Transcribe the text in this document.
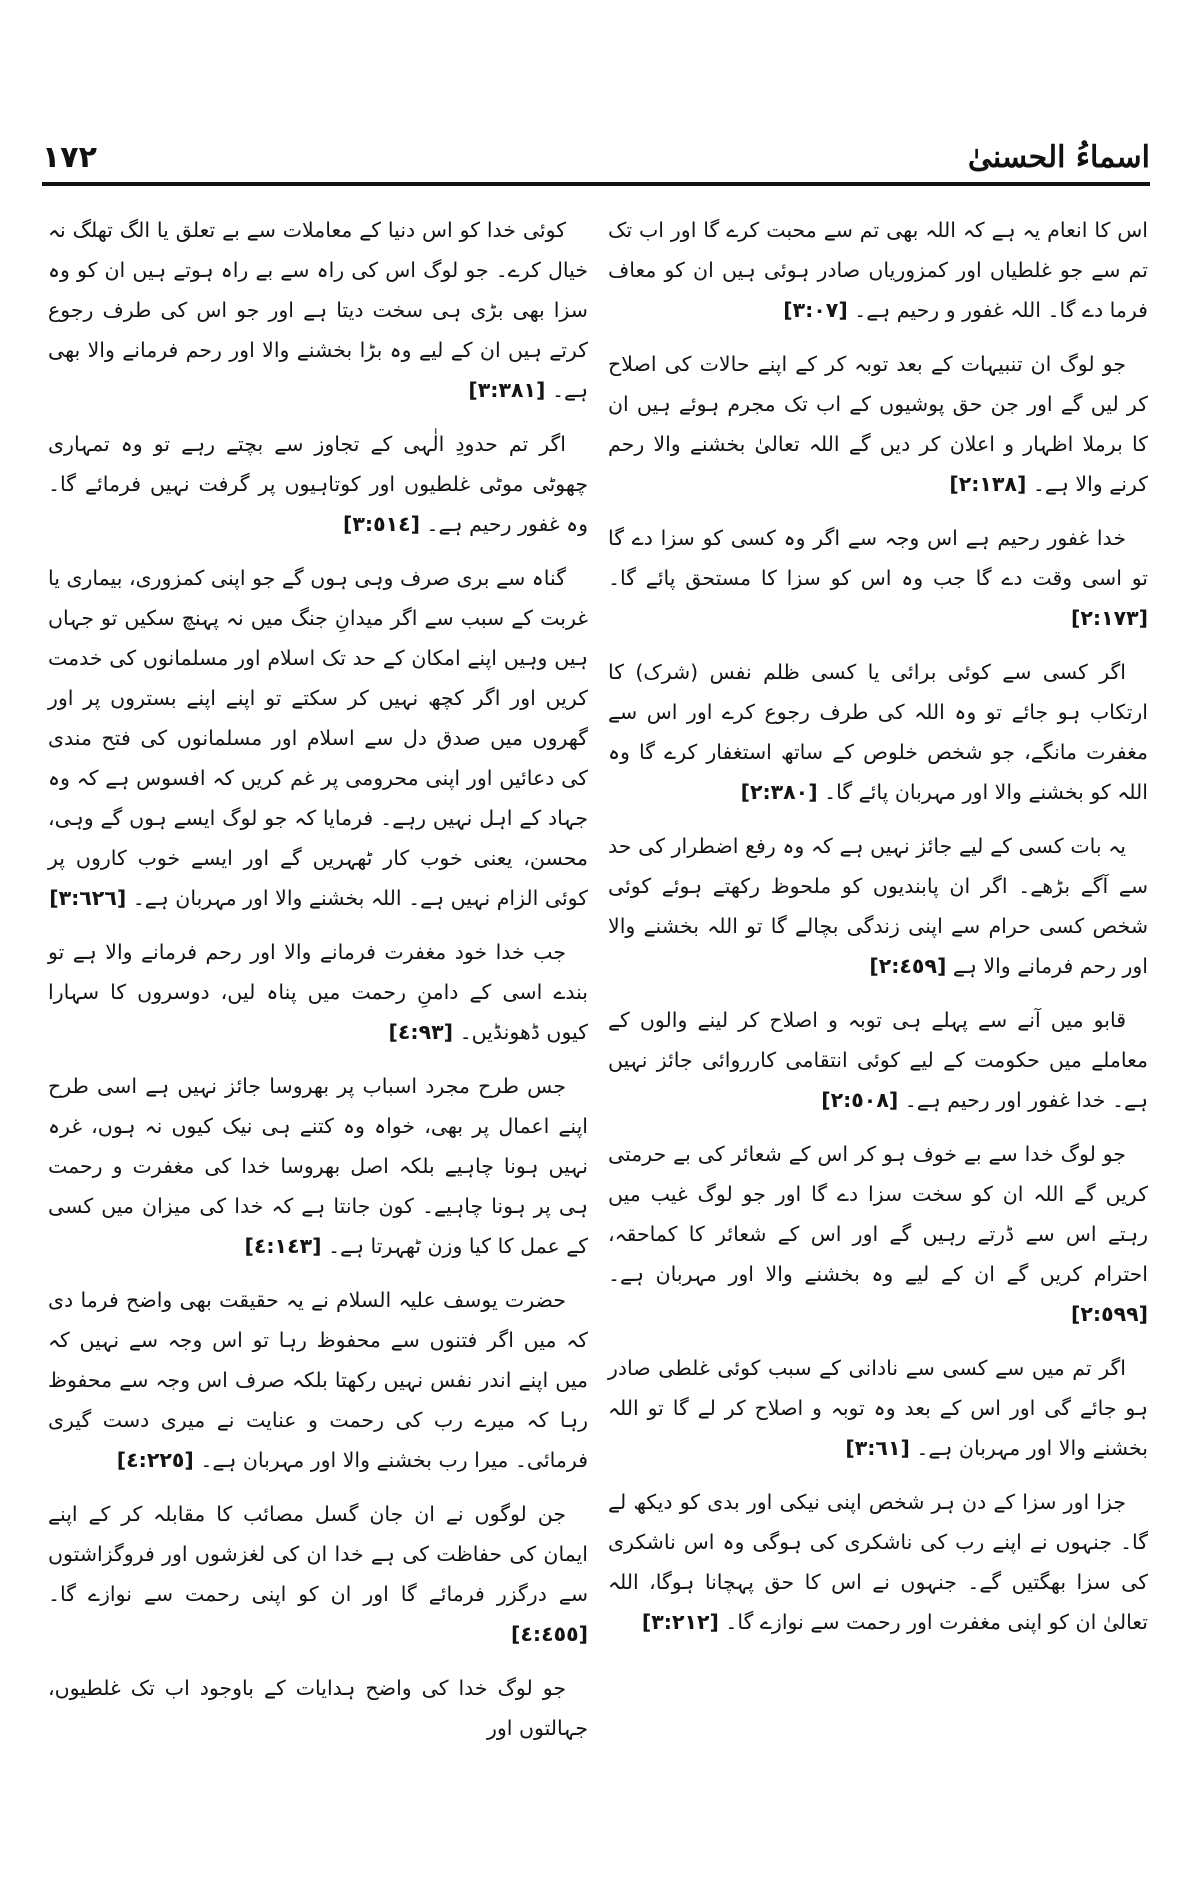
اسماءُ الحسنیٰ
١٧٢

اس کا انعام یہ ہے کہ اللہ بھی تم سے محبت کرے گا اور اب تک تم سے جو غلطیاں اور کمزوریاں صادر ہوئی ہیں ان کو معاف فرما دے گا۔ اللہ غفور و رحیم ہے۔ [٣:٠٧]

جو لوگ ان تنبیہات کے بعد توبہ کر کے اپنے حالات کی اصلاح کر لیں گے اور جن حق پوشیوں کے اب تک مجرم ہوئے ہیں ان کا برملا اظہار و اعلان کر دیں گے اللہ تعالیٰ بخشنے والا رحم کرنے والا ہے۔ [٢:١٣٨]

خدا غفور رحیم ہے اس وجہ سے اگر وہ کسی کو سزا دے گا تو اسی وقت دے گا جب وہ اس کو سزا کا مستحق پائے گا۔ [٢:١٧٣]

اگر کسی سے کوئی برائی یا کسی ظلم نفس (شرک) کا ارتکاب ہو جائے تو وہ اللہ کی طرف رجوع کرے اور اس سے مغفرت مانگے، جو شخص خلوص کے ساتھ استغفار کرے گا وہ اللہ کو بخشنے والا اور مہربان پائے گا۔ [٢:٣٨٠]

یہ بات کسی کے لیے جائز نہیں ہے کہ وہ رفع اضطرار کی حد سے آگے بڑھے۔ اگر ان پابندیوں کو ملحوظ رکھتے ہوئے کوئی شخص کسی حرام سے اپنی زندگی بچالے گا تو اللہ بخشنے والا اور رحم فرمانے والا ہے [٢:٤٥٩]

قابو میں آنے سے پہلے ہی توبہ و اصلاح کر لینے والوں کے معاملے میں حکومت کے لیے کوئی انتقامی کارروائی جائز نہیں ہے۔ خدا غفور اور رحیم ہے۔ [٢:٥٠٨]

جو لوگ خدا سے بے خوف ہو کر اس کے شعائر کی بے حرمتی کریں گے اللہ ان کو سخت سزا دے گا اور جو لوگ غیب میں رہتے اس سے ڈرتے رہیں گے اور اس کے شعائر کا کماحقہ، احترام کریں گے ان کے لیے وہ بخشنے والا اور مہربان ہے۔ [٢:٥٩٩]

اگر تم میں سے کسی سے نادانی کے سبب کوئی غلطی صادر ہو جائے گی اور اس کے بعد وہ توبہ و اصلاح کر لے گا تو اللہ بخشنے والا اور مہربان ہے۔ [٣:٦١]

جزا اور سزا کے دن ہر شخص اپنی نیکی اور بدی کو دیکھ لے گا۔ جنہوں نے اپنے رب کی ناشکری کی ہوگی وہ اس ناشکری کی سزا بھگتیں گے۔ جنہوں نے اس کا حق پہچانا ہوگا، اللہ تعالیٰ ان کو اپنی مغفرت اور رحمت سے نوازے گا۔ [٣:٢١٢]

کوئی خدا کو اس دنیا کے معاملات سے بے تعلق یا الگ تھلگ نہ خیال کرے۔ جو لوگ اس کی راہ سے بے راہ ہوتے ہیں ان کو وہ سزا بھی بڑی ہی سخت دیتا ہے اور جو اس کی طرف رجوع کرتے ہیں ان کے لیے وہ بڑا بخشنے والا اور رحم فرمانے والا بھی ہے۔ [٣:٣٨١]

اگر تم حدودِ الٰہی کے تجاوز سے بچتے رہے تو وہ تمہاری چھوٹی موٹی غلطیوں اور کوتاہیوں پر گرفت نہیں فرمائے گا۔ وہ غفور رحیم ہے۔ [٣:٥١٤]

گناہ سے بری صرف وہی ہوں گے جو اپنی کمزوری، بیماری یا غربت کے سبب سے اگر میدانِ جنگ میں نہ پہنچ سکیں تو جہاں ہیں وہیں اپنے امکان کے حد تک اسلام اور مسلمانوں کی خدمت کریں اور اگر کچھ نہیں کر سکتے تو اپنے اپنے بستروں پر اور گھروں میں صدق دل سے اسلام اور مسلمانوں کی فتح مندی کی دعائیں اور اپنی محرومی پر غم کریں کہ افسوس ہے کہ وہ جہاد کے اہل نہیں رہے۔ فرمایا کہ جو لوگ ایسے ہوں گے وہی، محسن، یعنی خوب کار ٹھہریں گے اور ایسے خوب کاروں پر کوئی الزام نہیں ہے۔ اللہ بخشنے والا اور مہربان ہے۔ [٣:٦٢٦]

جب خدا خود مغفرت فرمانے والا اور رحم فرمانے والا ہے تو بندے اسی کے دامنِ رحمت میں پناہ لیں، دوسروں کا سہارا کیوں ڈھونڈیں۔ [٤:٩٣]

جس طرح مجرد اسباب پر بھروسا جائز نہیں ہے اسی طرح اپنے اعمال پر بھی، خواہ وہ کتنے ہی نیک کیوں نہ ہوں، غرہ نہیں ہونا چاہیے بلکہ اصل بھروسا خدا کی مغفرت و رحمت ہی پر ہونا چاہیے۔ کون جانتا ہے کہ خدا کی میزان میں کسی کے عمل کا کیا وزن ٹھہرتا ہے۔ [٤:١٤٣]

حضرت یوسف علیہ السلام نے یہ حقیقت بھی واضح فرما دی کہ میں اگر فتنوں سے محفوظ رہا تو اس وجہ سے نہیں کہ میں اپنے اندر نفس نہیں رکھتا بلکہ صرف اس وجہ سے محفوظ رہا کہ میرے رب کی رحمت و عنایت نے میری دست گیری فرمائی۔ میرا رب بخشنے والا اور مہربان ہے۔ [٤:٢٢٥]

جن لوگوں نے ان جان گسل مصائب کا مقابلہ کر کے اپنے ایمان کی حفاظت کی ہے خدا ان کی لغزشوں اور فروگزاشتوں سے درگزر فرمائے گا اور ان کو اپنی رحمت سے نوازے گا۔ [٤:٤٥٥]

جو لوگ خدا کی واضح ہدایات کے باوجود اب تک غلطیوں، جہالتوں اور
